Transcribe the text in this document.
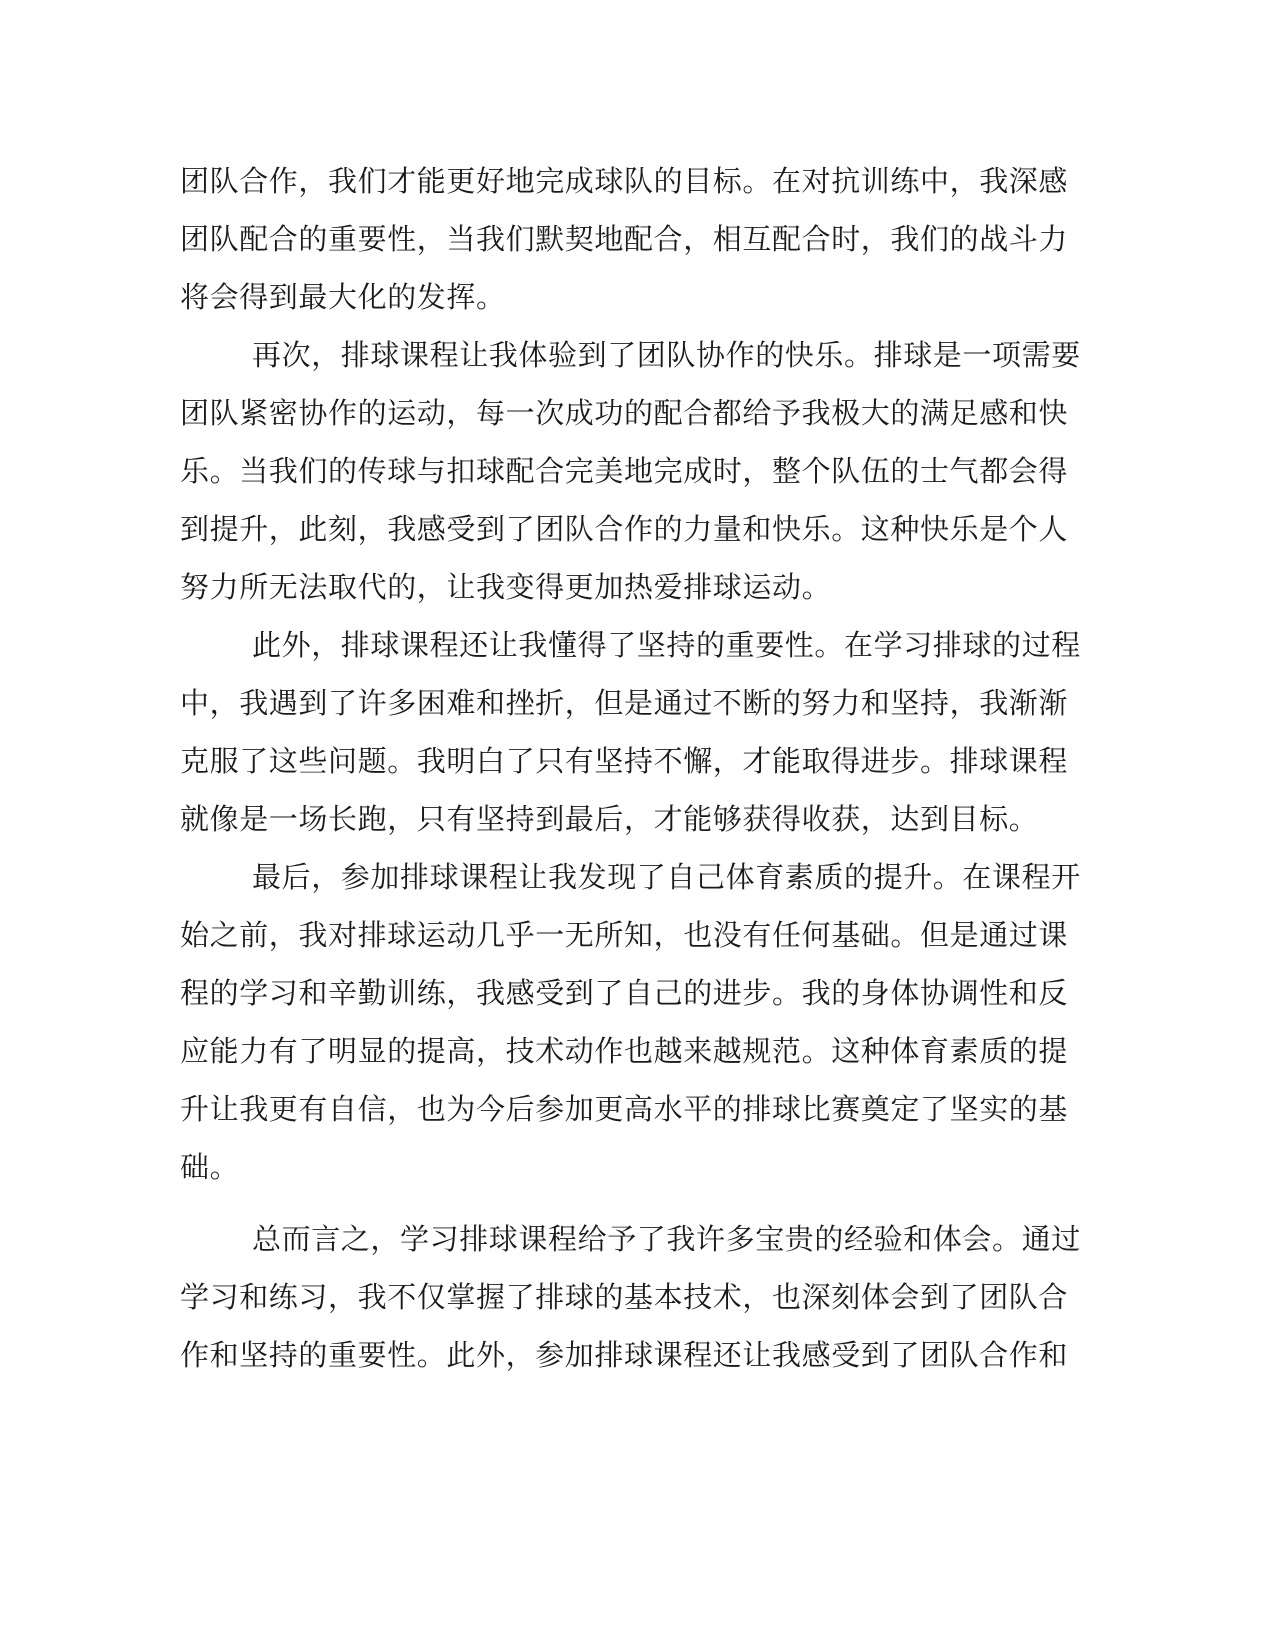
团队合作，我们才能更好地完成球队的目标。在对抗训练中，我深感
团队配合的重要性，当我们默契地配合，相互配合时，我们的战斗力
将会得到最大化的发挥。
再次，排球课程让我体验到了团队协作的快乐。排球是一项需要
团队紧密协作的运动，每一次成功的配合都给予我极大的满足感和快
乐。当我们的传球与扣球配合完美地完成时，整个队伍的士气都会得
到提升，此刻，我感受到了团队合作的力量和快乐。这种快乐是个人
努力所无法取代的，让我变得更加热爱排球运动。
此外，排球课程还让我懂得了坚持的重要性。在学习排球的过程
中，我遇到了许多困难和挫折，但是通过不断的努力和坚持，我渐渐
克服了这些问题。我明白了只有坚持不懈，才能取得进步。排球课程
就像是一场长跑，只有坚持到最后，才能够获得收获，达到目标。
最后，参加排球课程让我发现了自己体育素质的提升。在课程开
始之前，我对排球运动几乎一无所知，也没有任何基础。但是通过课
程的学习和辛勤训练，我感受到了自己的进步。我的身体协调性和反
应能力有了明显的提高，技术动作也越来越规范。这种体育素质的提
升让我更有自信，也为今后参加更高水平的排球比赛奠定了坚实的基
础。
总而言之，学习排球课程给予了我许多宝贵的经验和体会。通过
学习和练习，我不仅掌握了排球的基本技术，也深刻体会到了团队合
作和坚持的重要性。此外，参加排球课程还让我感受到了团队合作和
